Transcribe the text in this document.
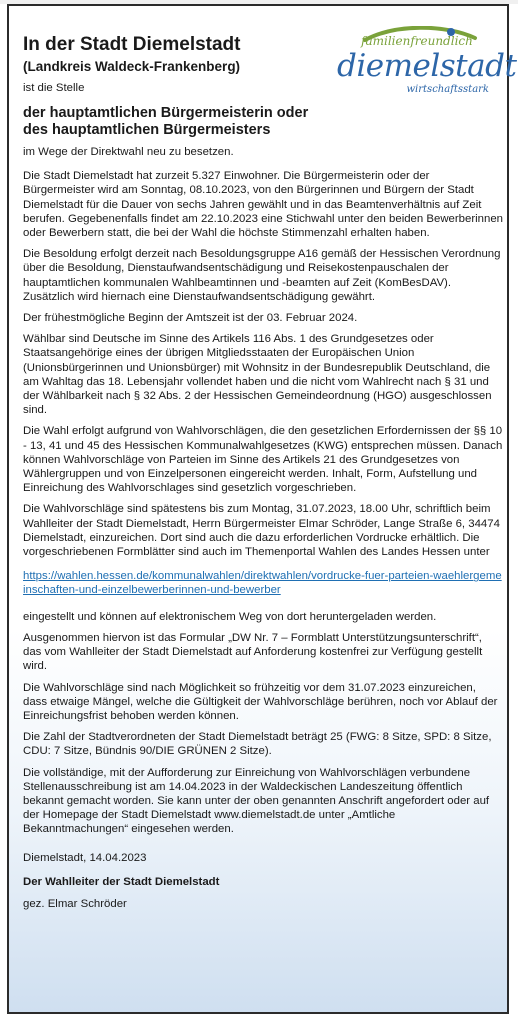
familienfreundlich
diemelstadt
wirtschaftsstark
In der Stadt Diemelstadt
(Landkreis Waldeck-Frankenberg)
ist die Stelle
der hauptamtlichen Bürgermeisterin oder
des hauptamtlichen Bürgermeisters

im Wege der Direktwahl neu zu besetzen.

Die Stadt Diemelstadt hat zurzeit 5.327 Einwohner. Die Bürgermeisterin oder der Bürgermeister wird am Sonntag, 08.10.2023, von den Bürgerinnen und Bürgern der Stadt Diemelstadt für die Dauer von sechs Jahren gewählt und in das Beamtenverhältnis auf Zeit berufen. Gegebenenfalls findet am 22.10.2023 eine Stichwahl unter den beiden Bewerberinnen oder Bewerbern statt, die bei der Wahl die höchste Stimmenzahl erhalten haben.

Die Besoldung erfolgt derzeit nach Besoldungsgruppe A16 gemäß der Hessischen Verordnung über die Besoldung, Dienstaufwandsentschädigung und Reisekostenpauschalen der hauptamtlichen kommunalen Wahlbeamtinnen und -beamten auf Zeit (KomBesDAV). Zusätzlich wird hiernach eine Dienstaufwandsentschädigung gewährt.

Der frühestmögliche Beginn der Amtszeit ist der 03. Februar 2024.

Wählbar sind Deutsche im Sinne des Artikels 116 Abs. 1 des Grundgesetzes oder Staatsangehörige eines der übrigen Mitgliedsstaaten der Europäischen Union (Unionsbürgerinnen und Unionsbürger) mit Wohnsitz in der Bundesrepublik Deutschland, die am Wahltag das 18. Lebensjahr vollendet haben und die nicht vom Wahlrecht nach § 31 und der Wählbarkeit nach § 32 Abs. 2 der Hessischen Gemeindeordnung (HGO) ausgeschlossen sind.

Die Wahl erfolgt aufgrund von Wahlvorschlägen, die den gesetzlichen Erfordernissen der §§ 10 - 13, 41 und 45 des Hessischen Kommunalwahlgesetzes (KWG) entsprechen müssen. Danach können Wahlvorschläge von Parteien im Sinne des Artikels 21 des Grundgesetzes von Wählergruppen und von Einzelpersonen eingereicht werden. Inhalt, Form, Aufstellung und Einreichung des Wahlvorschlages sind gesetzlich vorgeschrieben.

Die Wahlvorschläge sind spätestens bis zum Montag, 31.07.2023, 18.00 Uhr, schriftlich beim Wahlleiter der Stadt Diemelstadt, Herrn Bürgermeister Elmar Schröder, Lange Straße 6, 34474 Diemelstadt, einzureichen. Dort sind auch die dazu erforderlichen Vordrucke erhältlich. Die vorgeschriebenen Formblätter sind auch im Themenportal Wahlen des Landes Hessen unter

https://wahlen.hessen.de/kommunalwahlen/direktwahlen/vordrucke-fuer-parteien-waehlergemeinschaften-und-einzelbewerberinnen-und-bewerber

eingestellt und können auf elektronischem Weg von dort heruntergeladen werden.

Ausgenommen hiervon ist das Formular „DW Nr. 7 – Formblatt Unterstützungsunterschrift“, das vom Wahlleiter der Stadt Diemelstadt auf Anforderung kostenfrei zur Verfügung gestellt wird.

Die Wahlvorschläge sind nach Möglichkeit so frühzeitig vor dem 31.07.2023 einzureichen, dass etwaige Mängel, welche die Gültigkeit der Wahlvorschläge berühren, noch vor Ablauf der Einreichungsfrist behoben werden können.

Die Zahl der Stadtverordneten der Stadt Diemelstadt beträgt 25 (FWG: 8 Sitze, SPD: 8 Sitze, CDU: 7 Sitze, Bündnis 90/DIE GRÜNEN 2 Sitze).

Die vollständige, mit der Aufforderung zur Einreichung von Wahlvorschlägen verbundene Stellenausschreibung ist am 14.04.2023 in der Waldeckischen Landeszeitung öffentlich bekannt gemacht worden. Sie kann unter der oben genannten Anschrift angefordert oder auf der Homepage der Stadt Diemelstadt www.diemelstadt.de unter „Amtliche Bekanntmachungen“ eingesehen werden.

Diemelstadt, 14.04.2023

Der Wahlleiter der Stadt Diemelstadt

gez. Elmar Schröder
